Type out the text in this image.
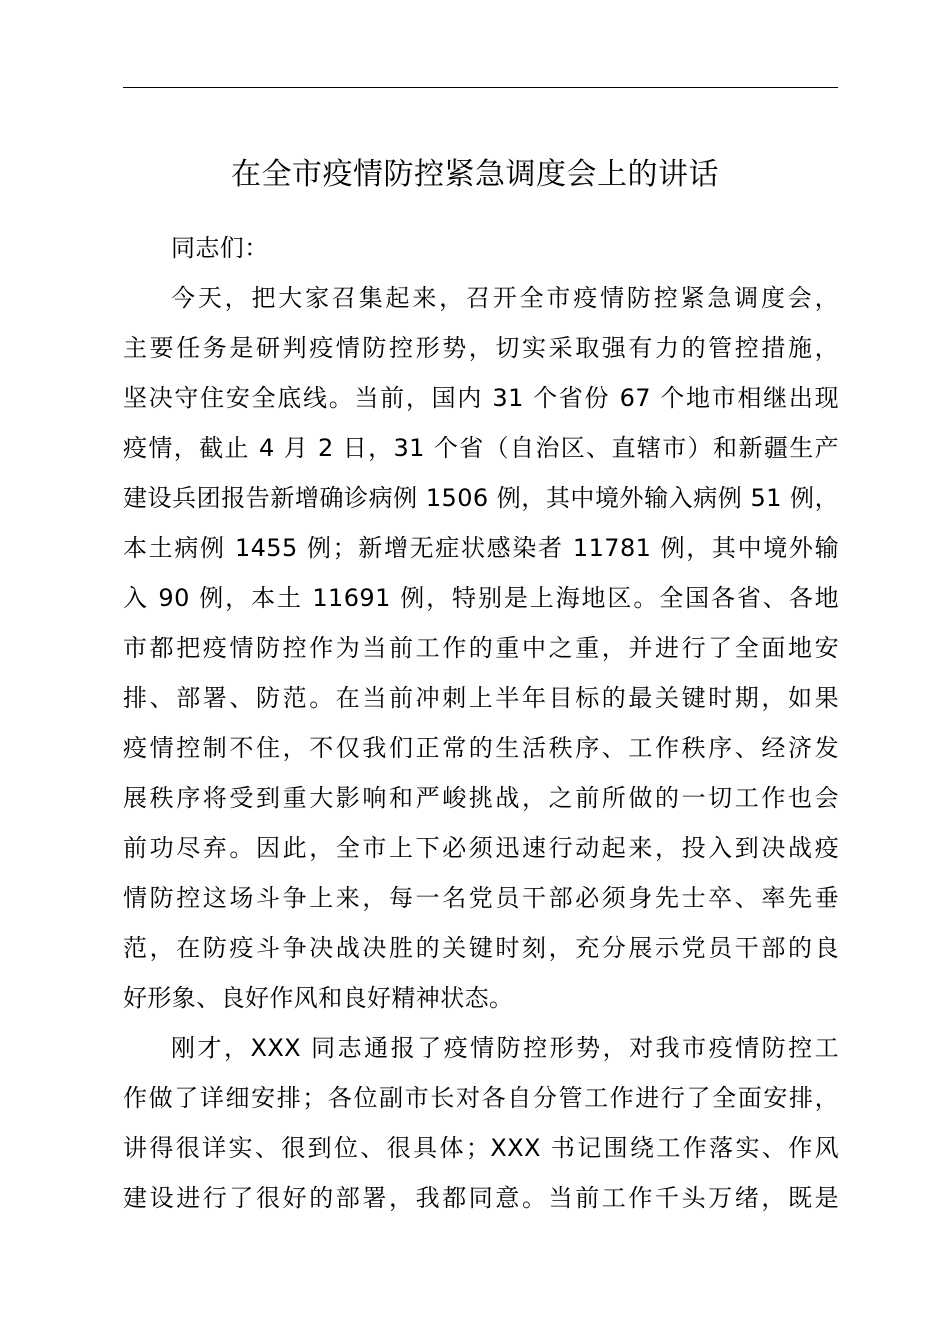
在全市疫情防控紧急调度会上的讲话
同志们：
今天，把大家召集起来，召开全市疫情防控紧急调度会，
主要任务是研判疫情防控形势，切实采取强有力的管控措施，
坚决守住安全底线。当前，国内 31 个省份 67 个地市相继出现
疫情，截止 4 月 2 日，31 个省（自治区、直辖市）和新疆生产
建设兵团报告新增确诊病例 1506 例，其中境外输入病例 51 例，
本土病例 1455 例；新增无症状感染者 11781 例，其中境外输
入 90 例，本土 11691 例，特别是上海地区。全国各省、各地
市都把疫情防控作为当前工作的重中之重，并进行了全面地安
排、部署、防范。在当前冲刺上半年目标的最关键时期，如果
疫情控制不住，不仅我们正常的生活秩序、工作秩序、经济发
展秩序将受到重大影响和严峻挑战，之前所做的一切工作也会
前功尽弃。因此，全市上下必须迅速行动起来，投入到决战疫
情防控这场斗争上来，每一名党员干部必须身先士卒、率先垂
范，在防疫斗争决战决胜的关键时刻，充分展示党员干部的良
好形象、良好作风和良好精神状态。
刚才，XXX 同志通报了疫情防控形势，对我市疫情防控工
作做了详细安排；各位副市长对各自分管工作进行了全面安排，
讲得很详实、很到位、很具体；XXX 书记围绕工作落实、作风
建设进行了很好的部署，我都同意。当前工作千头万绪，既是
